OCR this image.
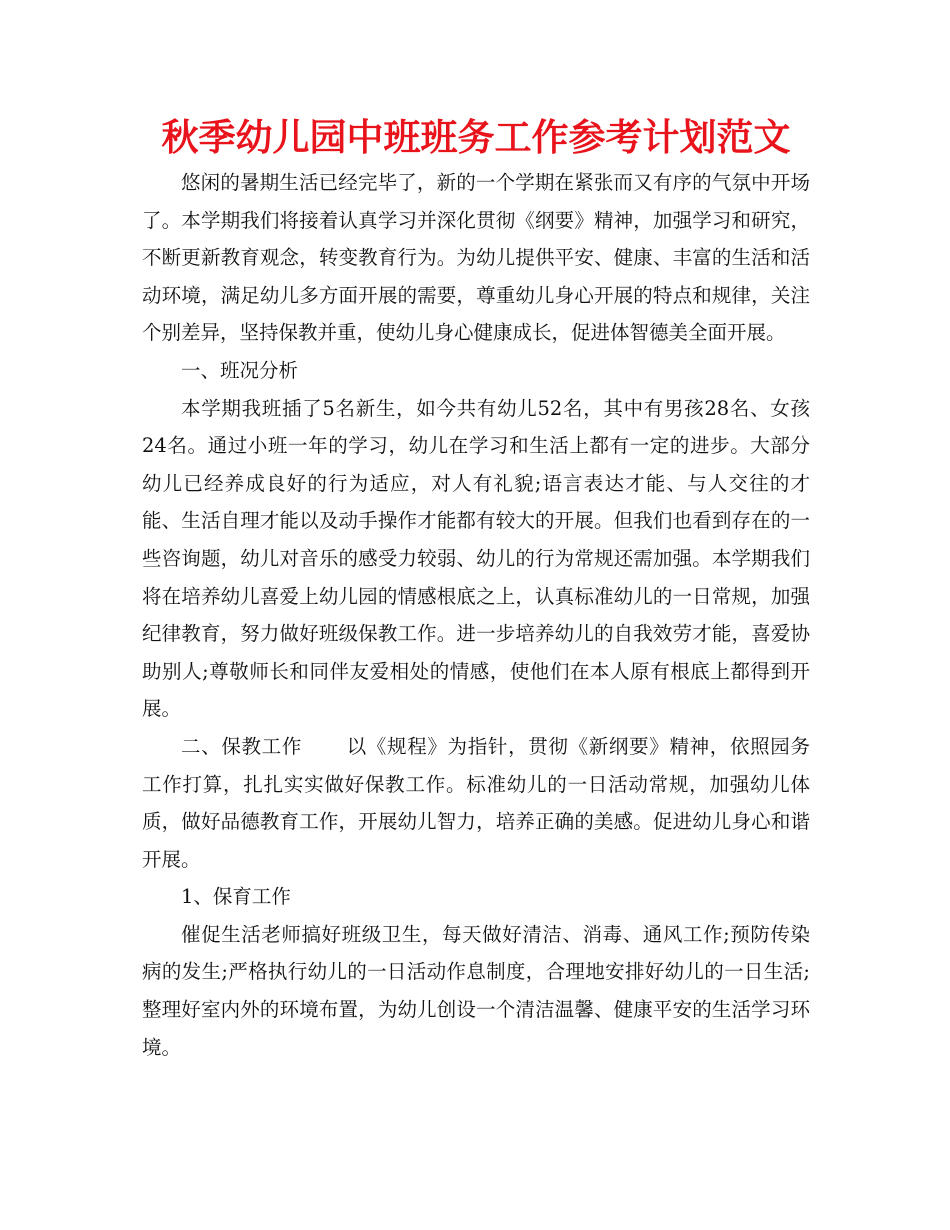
秋季幼儿园中班班务工作参考计划范文

悠闲的暑期生活已经完毕了，新的一个学期在紧张而又有序的气氛中开场了。本学期我们将接着认真学习并深化贯彻《纲要》精神，加强学习和研究，不断更新教育观念，转变教育行为。为幼儿提供平安、健康、丰富的生活和活动环境，满足幼儿多方面开展的需要，尊重幼儿身心开展的特点和规律，关注个别差异，坚持保教并重，使幼儿身心健康成长，促进体智德美全面开展。

一、班况分析

本学期我班插了5名新生，如今共有幼儿52名，其中有男孩28名、女孩24名。通过小班一年的学习，幼儿在学习和生活上都有一定的进步。大部分幼儿已经养成良好的行为适应，对人有礼貌;语言表达才能、与人交往的才能、生活自理才能以及动手操作才能都有较大的开展。但我们也看到存在的一些咨询题，幼儿对音乐的感受力较弱、幼儿的行为常规还需加强。本学期我们将在培养幼儿喜爱上幼儿园的情感根底之上，认真标准幼儿的一日常规，加强纪律教育，努力做好班级保教工作。进一步培养幼儿的自我效劳才能，喜爱协助别人;尊敬师长和同伴友爱相处的情感，使他们在本人原有根底上都得到开展。

二、保教工作 以《规程》为指针，贯彻《新纲要》精神，依照园务工作打算，扎扎实实做好保教工作。标准幼儿的一日活动常规，加强幼儿体质，做好品德教育工作，开展幼儿智力，培养正确的美感。促进幼儿身心和谐开展。

1、保育工作

催促生活老师搞好班级卫生，每天做好清洁、消毒、通风工作;预防传染病的发生;严格执行幼儿的一日活动作息制度，合理地安排好幼儿的一日生活;整理好室内外的环境布置，为幼儿创设一个清洁温馨、健康平安的生活学习环境。
